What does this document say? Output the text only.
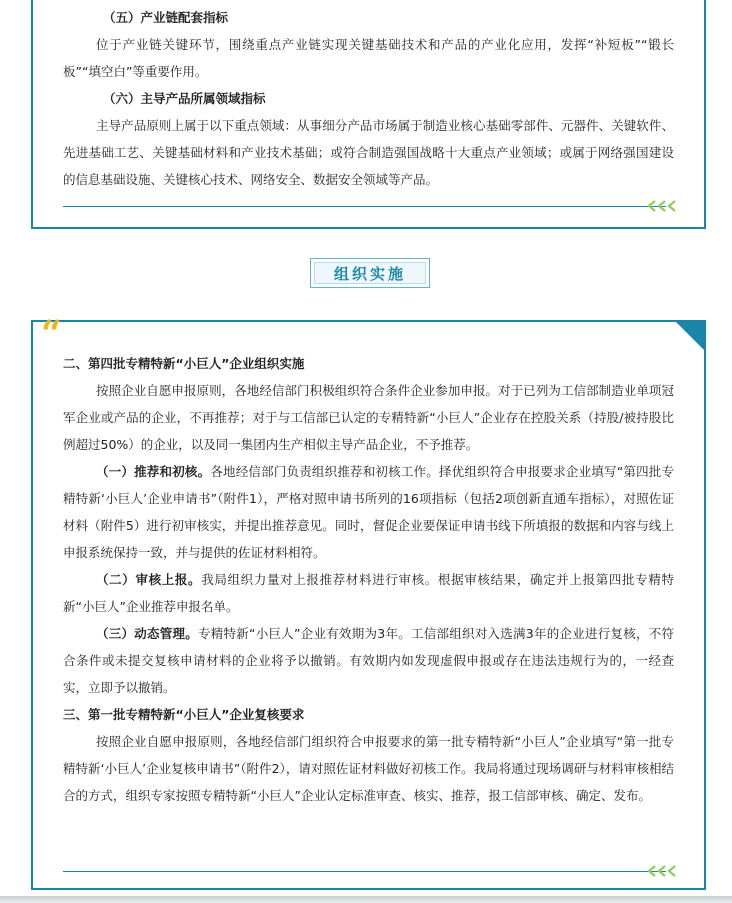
（五）产业链配套指标

位于产业链关键环节，围绕重点产业链实现关键基础技术和产品的产业化应用，发挥“补短板”“锻长板”“填空白”等重要作用。

（六）主导产品所属领域指标

主导产品原则上属于以下重点领域：从事细分产品市场属于制造业核心基础零部件、元器件、关键软件、先进基础工艺、关键基础材料和产业技术基础；或符合制造强国战略十大重点产业领域；或属于网络强国建设的信息基础设施、关键核心技术、网络安全、数据安全领域等产品。

组织实施
“

二、第四批专精特新“小巨人”企业组织实施

按照企业自愿申报原则，各地经信部门积极组织符合条件企业参加申报。对于已列为工信部制造业单项冠军企业或产品的企业，不再推荐；对于与工信部已认定的专精特新“小巨人”企业存在控股关系（持股/被持股比例超过50%）的企业，以及同一集团内生产相似主导产品企业，不予推荐。

（一）推荐和初核。各地经信部门负责组织推荐和初核工作。择优组织符合申报要求企业填写“第四批专精特新‘小巨人’企业申请书”（附件1），严格对照申请书所列的16项指标（包括2项创新直通车指标），对照佐证材料（附件5）进行初审核实，并提出推荐意见。同时，督促企业要保证申请书线下所填报的数据和内容与线上申报系统保持一致，并与提供的佐证材料相符。

（二）审核上报。我局组织力量对上报推荐材料进行审核。根据审核结果，确定并上报第四批专精特新“小巨人”企业推荐申报名单。

（三）动态管理。专精特新“小巨人”企业有效期为3年。工信部组织对入选满3年的企业进行复核，不符合条件或未提交复核申请材料的企业将予以撤销。有效期内如发现虚假申报或存在违法违规行为的，一经查实，立即予以撤销。

三、第一批专精特新“小巨人”企业复核要求

按照企业自愿申报原则，各地经信部门组织符合申报要求的第一批专精特新“小巨人”企业填写“第一批专精特新‘小巨人’企业复核申请书”（附件2），请对照佐证材料做好初核工作。我局将通过现场调研与材料审核相结合的方式，组织专家按照专精特新“小巨人”企业认定标准审查、核实、推荐，报工信部审核、确定、发布。
